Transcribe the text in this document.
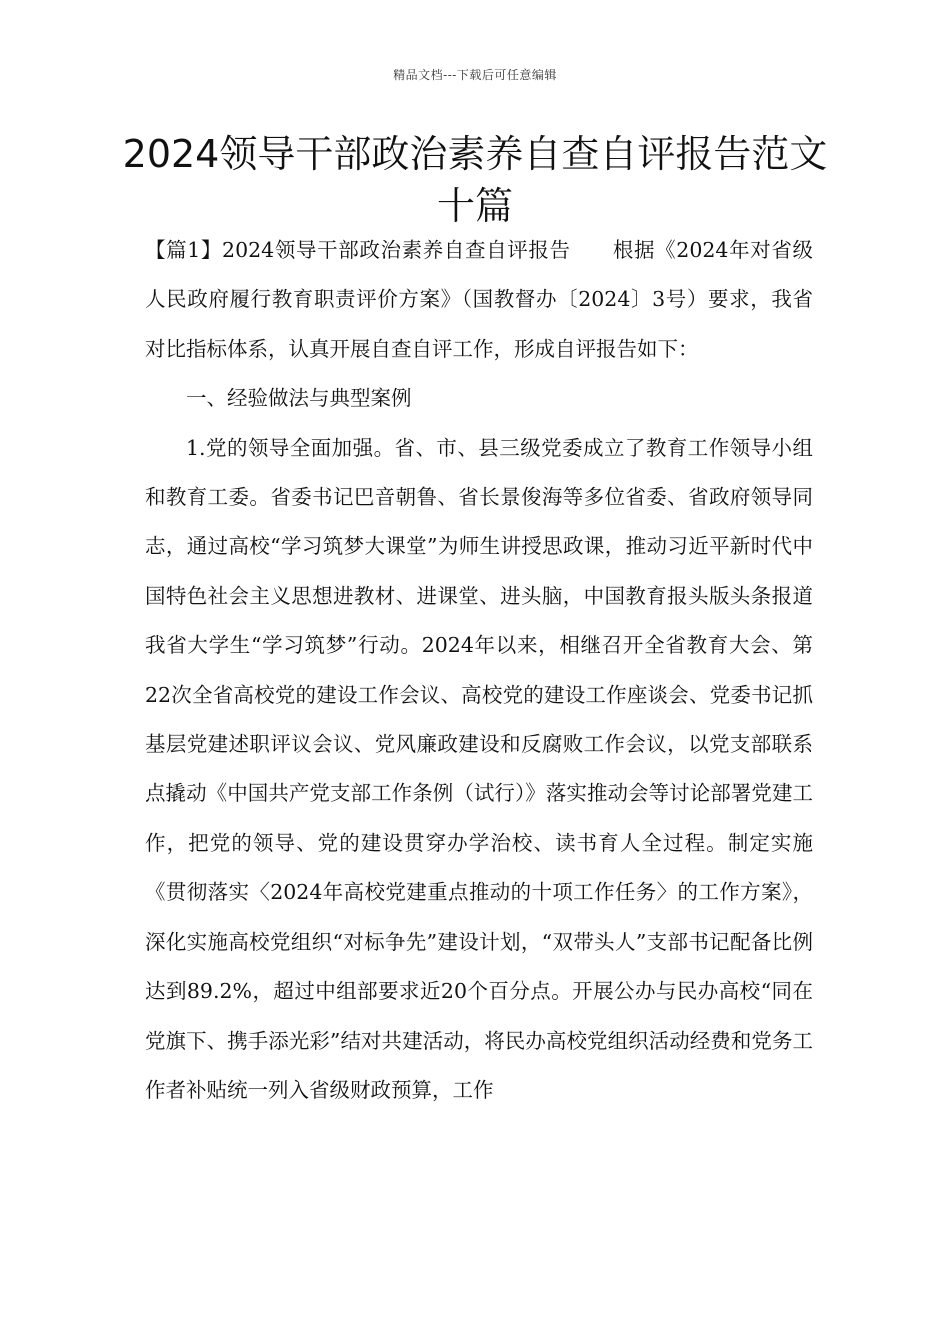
精品文档---下载后可任意编辑
2024领导干部政治素养自查自评报告范文十篇

【篇1】2024领导干部政治素养自查自评报告　　根据《2024年对省级人民政府履行教育职责评价方案》（国教督办〔2024〕3号）要求，我省对比指标体系，认真开展自查自评工作，形成自评报告如下：

一、经验做法与典型案例

1.党的领导全面加强。省、市、县三级党委成立了教育工作领导小组和教育工委。省委书记巴音朝鲁、省长景俊海等多位省委、省政府领导同志，通过高校“学习筑梦大课堂”为师生讲授思政课，推动习近平新时代中国特色社会主义思想进教材、进课堂、进头脑，中国教育报头版头条报道我省大学生“学习筑梦”行动。2024年以来，相继召开全省教育大会、第22次全省高校党的建设工作会议、高校党的建设工作座谈会、党委书记抓基层党建述职评议会议、党风廉政建设和反腐败工作会议，以党支部联系点撬动《中国共产党支部工作条例（试行）》落实推动会等讨论部署党建工作，把党的领导、党的建设贯穿办学治校、读书育人全过程。制定实施《贯彻落实〈2024年高校党建重点推动的十项工作任务〉的工作方案》，深化实施高校党组织“对标争先”建设计划，“双带头人”支部书记配备比例达到89.2%，超过中组部要求近20个百分点。开展公办与民办高校“同在党旗下、携手添光彩”结对共建活动，将民办高校党组织活动经费和党务工作者补贴统一列入省级财政预算，工作
